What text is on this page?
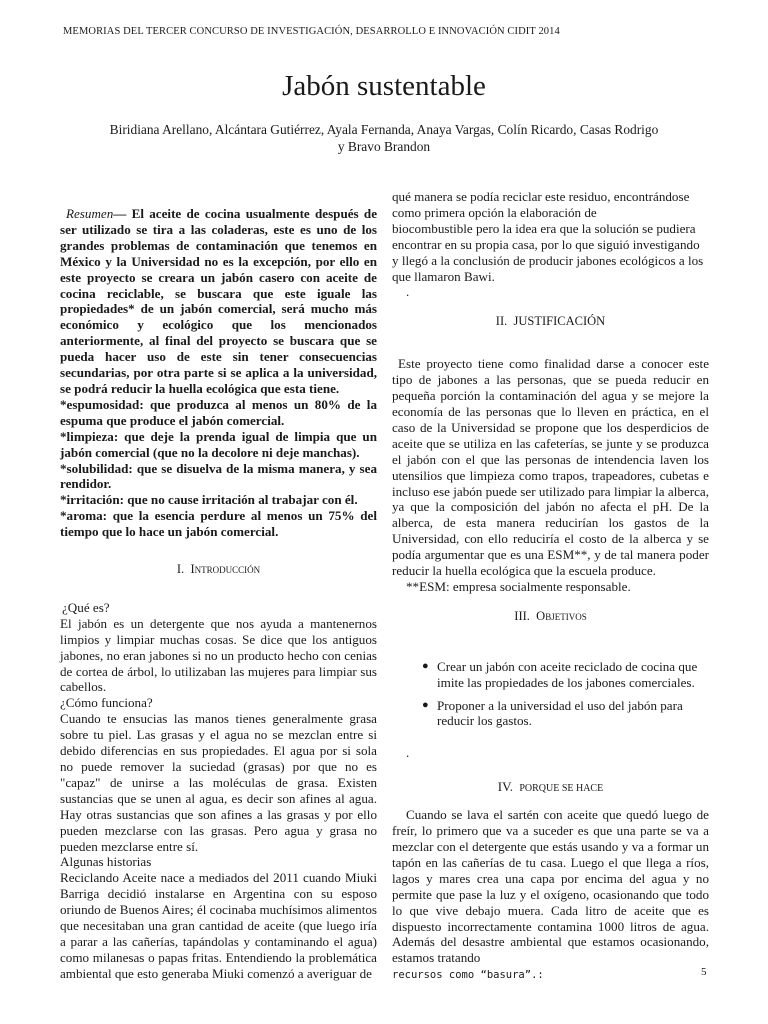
MEMORIAS DEL TERCER CONCURSO DE INVESTIGACIÓN, DESARROLLO E INNOVACIÓN CIDIT 2014
Jabón sustentable
Biridiana Arellano, Alcántara Gutiérrez, Ayala Fernanda, Anaya Vargas, Colín Ricardo, Casas Rodrigo
y Bravo Brandon

Resumen— El aceite de cocina usualmente después de ser utilizado se tira a las coladeras, este es uno de los grandes problemas de contaminación que tenemos en México y la Universidad no es la excepción, por ello en este proyecto se creara un jabón casero con aceite de cocina reciclable, se buscara que este iguale las propiedades* de un jabón comercial, será mucho más económico y ecológico que los mencionados anteriormente, al final del proyecto se buscara que se pueda hacer uso de este sin tener consecuencias secundarias, por otra parte si se aplica a la universidad, se podrá reducir la huella ecológica que esta tiene.

*espumosidad: que produzca al menos un 80% de la espuma que produce el jabón comercial.

*limpieza: que deje la prenda igual de limpia que un jabón comercial (que no la decolore ni deje manchas).

*solubilidad: que se disuelva de la misma manera, y sea rendidor.

*irritación: que no cause irritación al trabajar con él.

*aroma: que la esencia perdure al menos un 75% del tiempo que lo hace un jabón comercial.

I. Introducción

¿Qué es?

El jabón es un detergente que nos ayuda a mantenernos limpios y limpiar muchas cosas. Se dice que los antiguos jabones, no eran jabones si no un producto hecho con cenias de cortea de árbol, lo utilizaban las mujeres para limpiar sus cabellos.

¿Cómo funciona?

Cuando te ensucias las manos tienes generalmente grasa sobre tu piel. Las grasas y el agua no se mezclan entre si debido diferencias en sus propiedades. El agua por si sola no puede remover la suciedad (grasas) por que no es "capaz" de unirse a las moléculas de grasa. Existen sustancias que se unen al agua, es decir son afines al agua. Hay otras sustancias que son afines a las grasas y por ello pueden mezclarse con las grasas. Pero agua y grasa no pueden mezclarse entre sí.

Algunas historias

Reciclando Aceite nace a mediados del 2011 cuando Miuki Barriga decidió instalarse en Argentina con su esposo oriundo de Buenos Aires; él cocinaba muchísimos alimentos que necesitaban una gran cantidad de aceite (que luego iría a parar a las cañerías, tapándolas y contaminando el agua) como milanesas o papas fritas. Entendiendo la problemática ambiental que esto generaba Miuki comenzó a averiguar de

qué manera se podía reciclar este residuo, encontrándose como primera opción la elaboración de

biocombustible pero la idea era que la solución se pudiera encontrar en su propia casa, por lo que siguió investigando y llegó a la conclusión de producir jabones ecológicos a los que llamaron Bawi.

.

II. JUSTIFICACIÓN

Este proyecto tiene como finalidad darse a conocer este tipo de jabones a las personas, que se pueda reducir en pequeña porción la contaminación del agua y se mejore la economía de las personas que lo lleven en práctica, en el caso de la Universidad se propone que los desperdicios de aceite que se utiliza en las cafeterías, se junte y se produzca el jabón con el que las personas de intendencia laven los utensilios que limpieza como trapos, trapeadores, cubetas e incluso ese jabón puede ser utilizado para limpiar la alberca, ya que la composición del jabón no afecta el pH. De la alberca, de esta manera reducirían los gastos de la Universidad, con ello reduciría el costo de la alberca y se podía argumentar que es una ESM**, y de tal manera poder reducir la huella ecológica que la escuela produce.

**ESM: empresa socialmente responsable.

III. Objetivos
● Crear un jabón con aceite reciclado de cocina que imite las propiedades de los jabones comerciales.
● Proponer a la universidad el uso del jabón para reducir los gastos.

.

IV. PORQUE SE HACE

Cuando se lava el sartén con aceite que quedó luego de freír, lo primero que va a suceder es que una parte se va a mezclar con el detergente que estás usando y va a formar un tapón en las cañerías de tu casa. Luego el que llega a ríos, lagos y mares crea una capa por encima del agua y no permite que pase la luz y el oxígeno, ocasionando que todo lo que vive debajo muera. Cada litro de aceite que es dispuesto incorrectamente contamina 1000 litros de agua. Además del desastre ambiental que estamos ocasionando, estamos tratando

recursos como “basura”.:	5
